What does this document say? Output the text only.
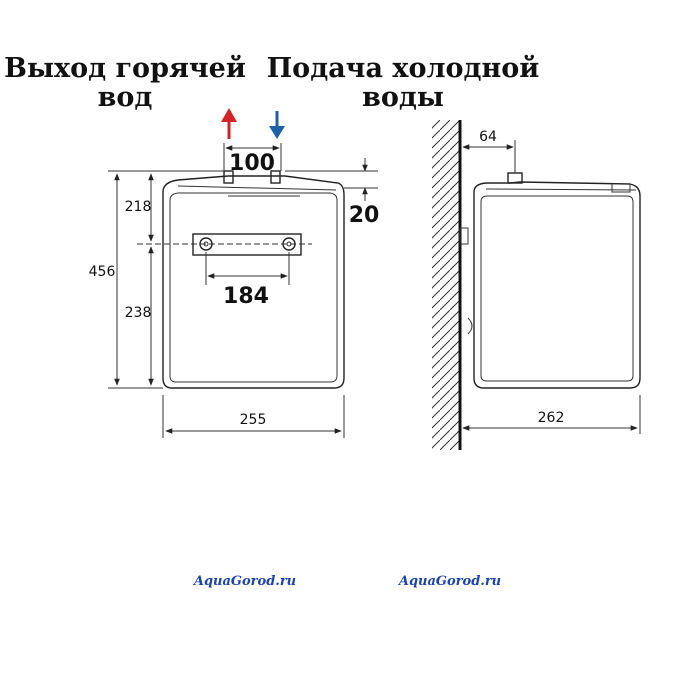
Выход горячей
вод
Подача холодной
воды
100
20
184
456
218
238
255
64
262
AquaGorod.ru	AquaGorod.ru
